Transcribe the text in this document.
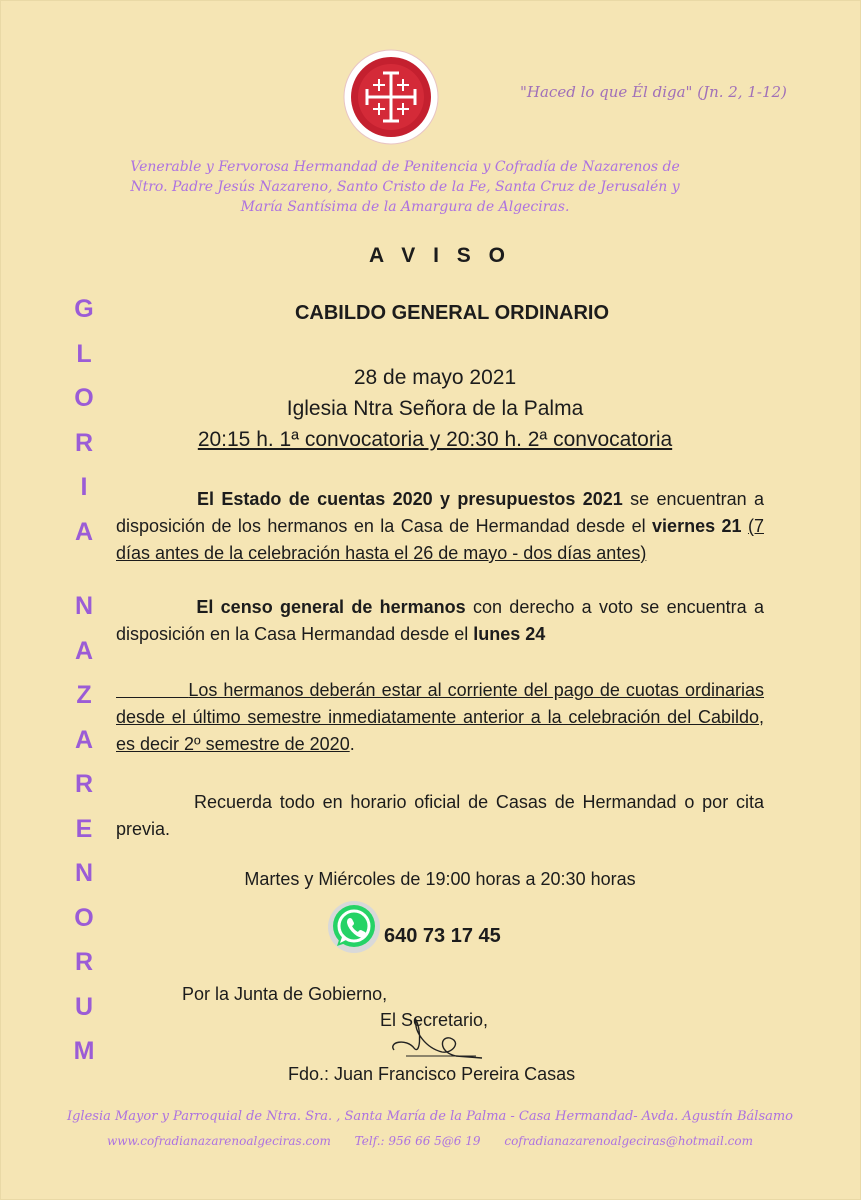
"Haced lo que Él diga" (Jn. 2, 1-12)
Venerable y Fervorosa Hermandad de Penitencia y Cofradía de Nazarenos de
Ntro. Padre Jesús Nazareno, Santo Cristo de la Fe, Santa Cruz de Jerusalén y
María Santísima de la Amargura de Algeciras.
G
L
O
R
I
A
N
A
Z
A
R
E
N
O
R
U
M
A V I S O
CABILDO GENERAL ORDINARIO
28 de mayo 2021
Iglesia Ntra Señora de la Palma
20:15 h. 1ª convocatoria y 20:30 h. 2ª convocatoria
El Estado de cuentas 2020 y presupuestos 2021 se encuentran a disposición de los hermanos en la Casa de Hermandad desde el viernes 21 (7 días antes de la celebración hasta el 26 de mayo - dos días antes)
El censo general de hermanos con derecho a voto se encuentra a disposición en la Casa Hermandad desde el lunes 24
Los hermanos deberán estar al corriente del pago de cuotas ordinarias desde el último semestre inmediatamente anterior a la celebración del Cabildo, es decir 2º semestre de 2020.
Recuerda todo en horario oficial de Casas de Hermandad o por cita previa.
Martes y Miércoles de 19:00 horas a 20:30 horas
640 73 17 45
Por la Junta de Gobierno,
El Secretario,
Fdo.: Juan Francisco Pereira Casas
Iglesia Mayor y Parroquial de Ntra. Sra. , Santa María de la Palma - Casa Hermandad- Avda. Agustín Bálsamo
www.cofradianazarenoalgeciras.com Telf.: 956 66 5@6 19 cofradianazarenoalgeciras@hotmail.com
